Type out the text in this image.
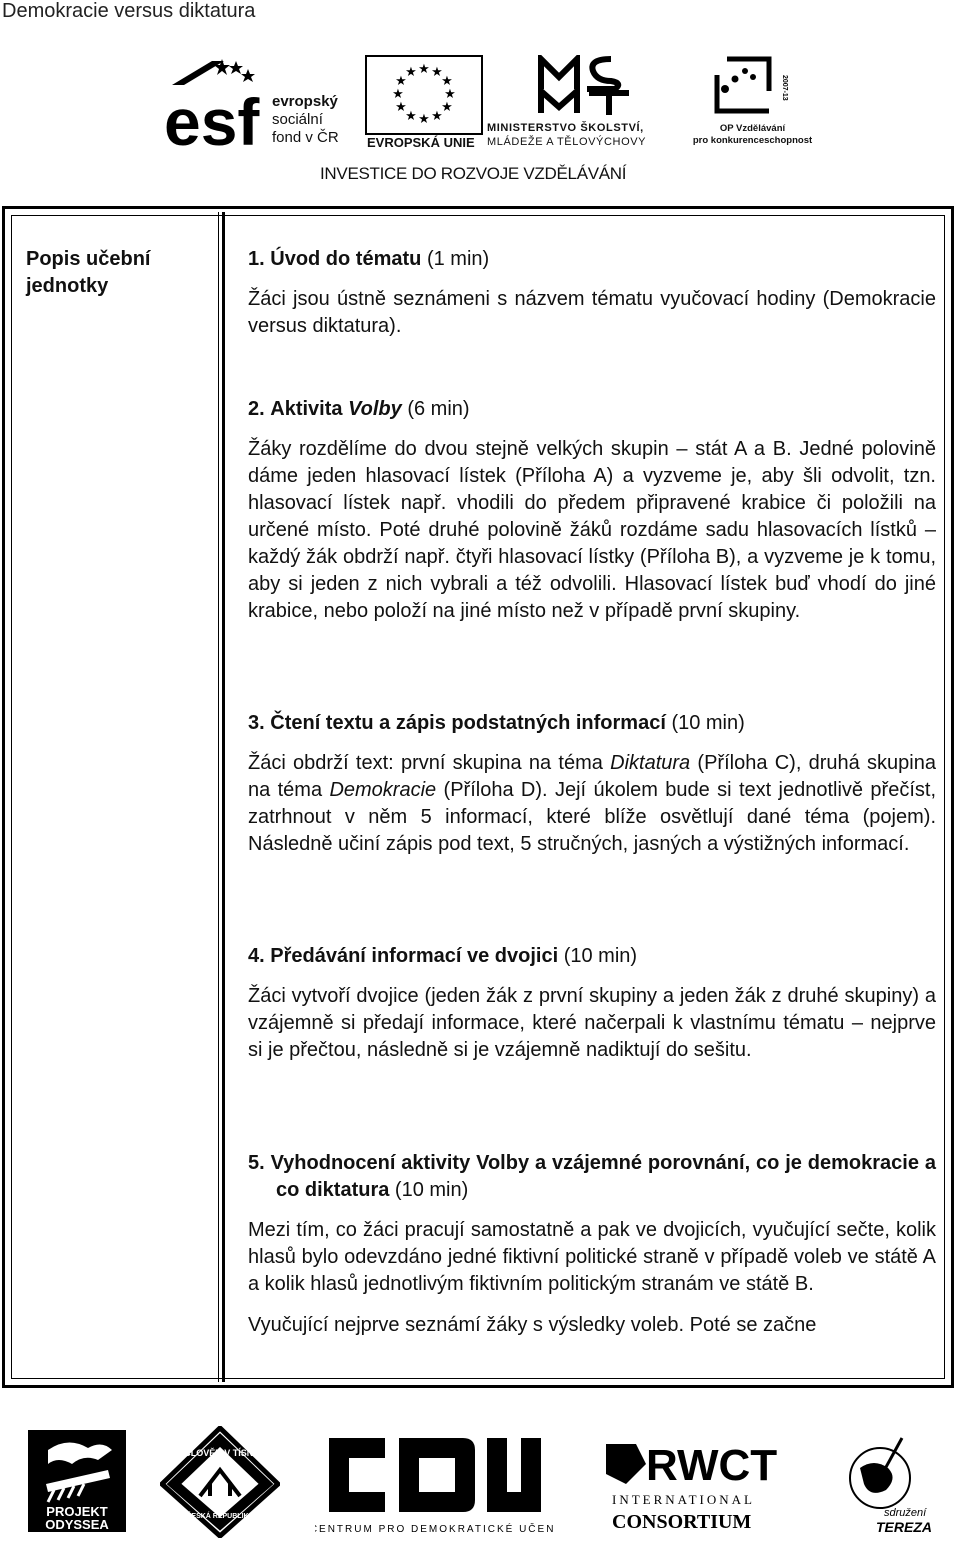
Demokracie versus diktatura
esf evropský
sociální
fond v ČR
★ ★
★
★
★
★
★
★
★
★
★
★
EVROPSKÁ UNIE
MINISTERSTVO ŠKOLSTVÍ,
MLÁDEŽE A TĚLOVÝCHOVY
2007-13
OP Vzdělávání
pro konkurenceschopnost
INVESTICE DO ROZVOJE VZDĚLÁVÁNÍ
Popis učební jednotky

1. Úvod do tématu (1 min)

Žáci jsou ústně seznámeni s názvem tématu vyučovací hodiny (Demokracie versus diktatura).

2. Aktivita Volby (6 min)

Žáky rozdělíme do dvou stejně velkých skupin – stát A a B. Jedné polovině dáme jeden hlasovací lístek (Příloha A) a vyzveme je, aby šli odvolit, tzn. hlasovací lístek např. vhodili do předem připravené krabice či položili na určené místo. Poté druhé polovině žáků rozdáme sadu hlasovacích lístků – každý žák obdrží např. čtyři hlasovací lístky (Příloha B), a vyzveme je k tomu, aby si jeden z nich vybrali a též odvolili. Hlasovací lístek buď vhodí do jiné krabice, nebo položí na jiné místo než v případě první skupiny.

3. Čtení textu a zápis podstatných informací (10 min)

Žáci obdrží text: první skupina na téma Diktatura (Příloha C), druhá skupina na téma Demokracie (Příloha D). Její úkolem bude si text jednotlivě přečíst, zatrhnout v něm 5 informací, které blíže osvětlují dané téma (pojem). Následně učiní zápis pod text, 5 stručných, jasných a výstižných informací.

4. Předávání informací ve dvojici (10 min)

Žáci vytvoří dvojice (jeden žák z první skupiny a jeden žák z druhé skupiny) a vzájemně si předají informace, které načerpali k vlastnímu tématu – nejprve si je přečtou, následně si je vzájemně nadiktují do sešitu.

5. Vyhodnocení aktivity Volby a vzájemné porovnání, co je demokracie a co diktatura (10 min)

Mezi tím, co žáci pracují samostatně a pak ve dvojicích, vyučující sečte, kolik hlasů bylo odevzdáno jedné fiktivní politické straně v případě voleb ve státě A a kolik hlasů jednotlivým fiktivním politickým stranám ve státě B.

Vyučující nejprve seznámí žáky s výsledky voleb. Poté se začne

PROJEKT
ODYSSEA
ČLOVĚK V TÍSNI
ČESKÁ REPUBLIKA
CENTRUM PRO DEMOKRATICKÉ UČENÍ
RWCT
INTERNATIONAL
CONSORTIUM	sdružení
TEREZA
